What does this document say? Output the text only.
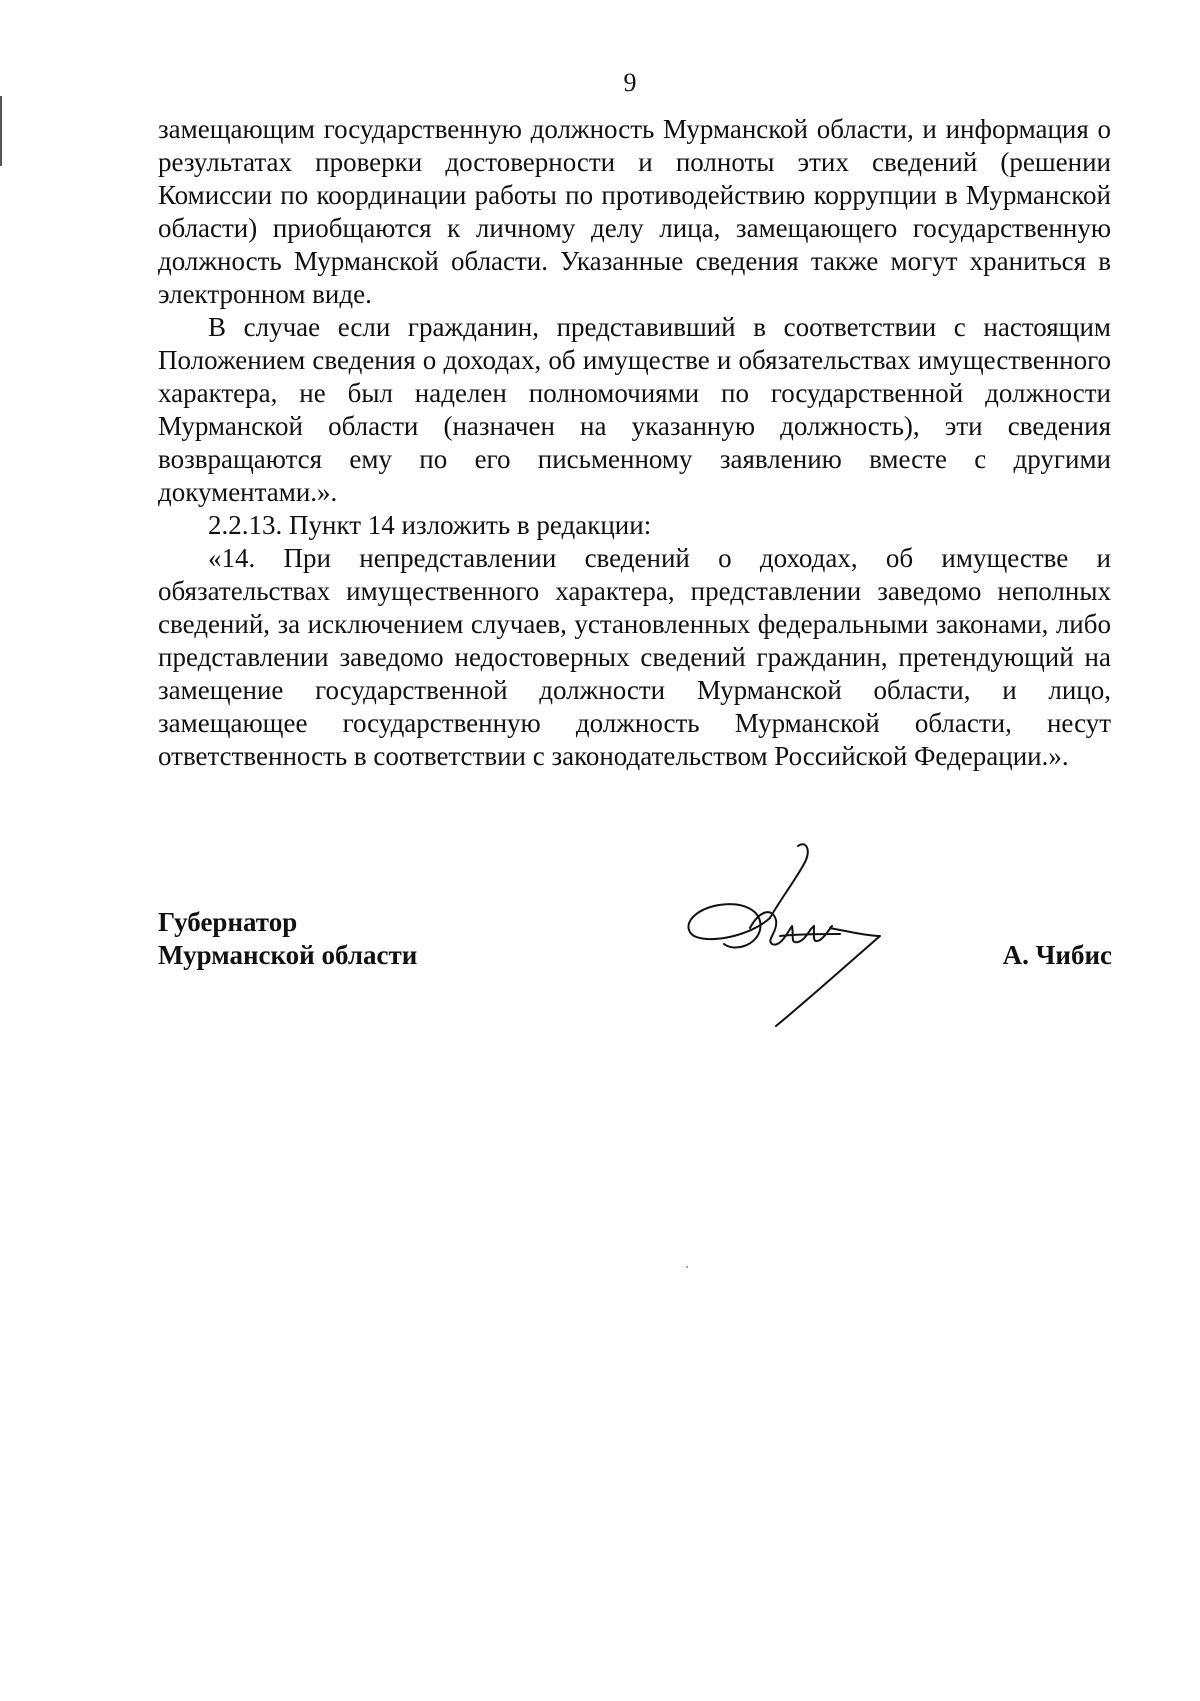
9

замещающим государственную должность Мурманской области, и информация о результатах проверки достоверности и полноты этих сведений (решении Комиссии по координации работы по противодействию коррупции в Мурманской области) приобщаются к личному делу лица, замещающего государственную должность Мурманской области. Указанные сведения также могут храниться в электронном виде.

В случае если гражданин, представивший в соответствии с настоящим Положением сведения о доходах, об имуществе и обязательствах имущественного характера, не был наделен полномочиями по государственной должности Мурманской области (назначен на указанную должность), эти сведения возвращаются ему по его письменному заявлению вместе с другими документами.».

2.2.13. Пункт 14 изложить в редакции:

«14. При непредставлении сведений о доходах, об имуществе и обязательствах имущественного характера, представлении заведомо неполных сведений, за исключением случаев, установленных федеральными законами, либо представлении заведомо недостоверных сведений гражданин, претендующий на замещение государственной должности Мурманской области, и лицо, замещающее государственную должность Мурманской области, несут ответственность в соответствии с законодательством Российской Федерации.».

Губернатор
Мурманской области	А. Чибис
